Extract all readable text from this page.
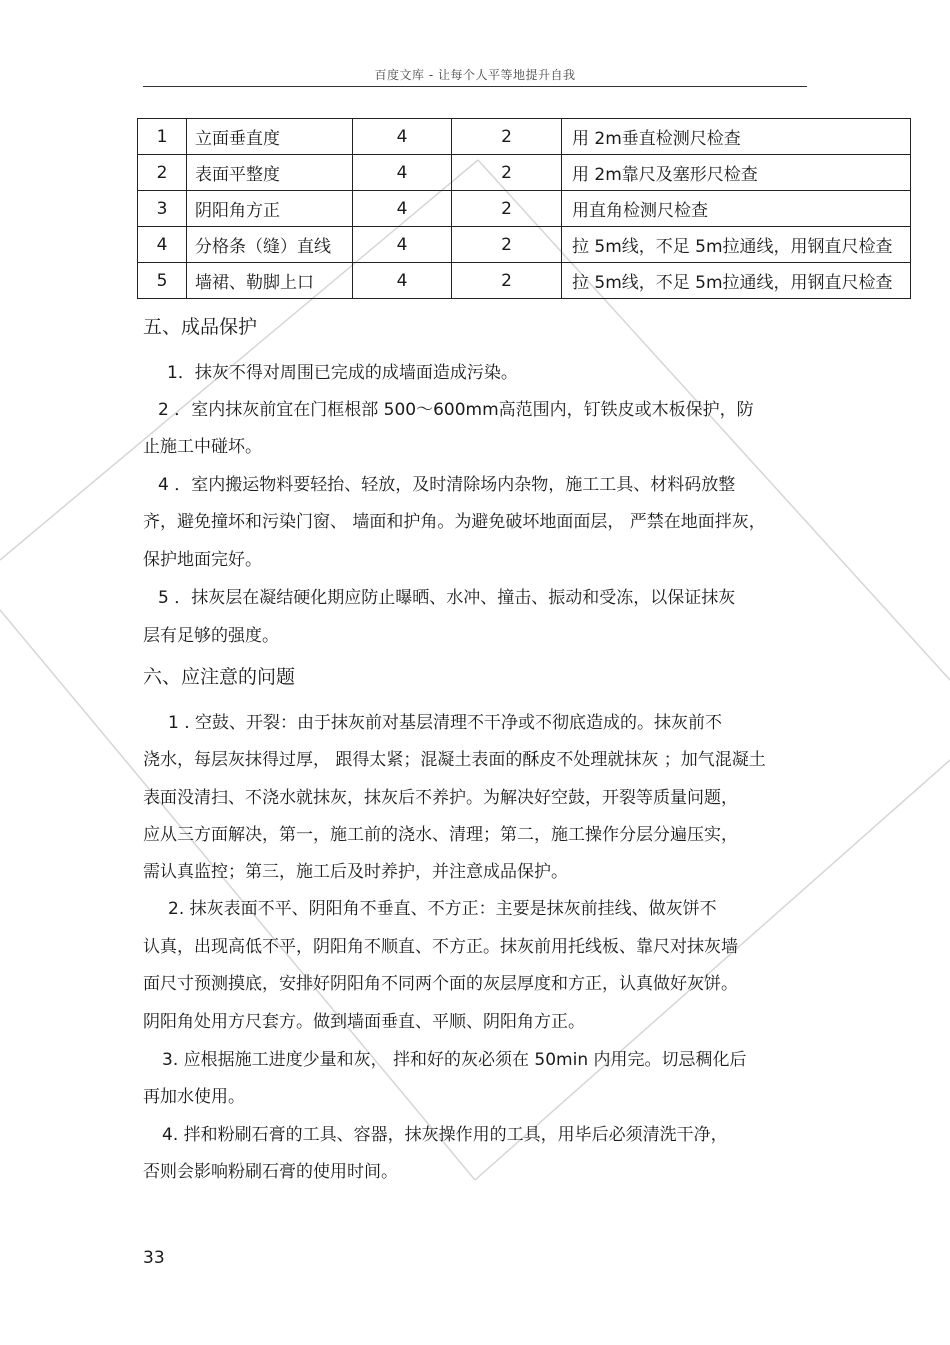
百度文库 - 让每个人平等地提升自我
1	立面垂直度	4	2	用 2m垂直检测尺检查
2	表面平整度	4	2	用 2m靠尺及塞形尺检查
3	阴阳角方正	4	2	用直角检测尺检查
4	分格条（缝）直线	4	2	拉 5m线，不足 5m拉通线，用钢直尺检查
5	墙裙、勒脚上口	4	2	拉 5m线，不足 5m拉通线，用钢直尺检查
五、成品保护
1．抹灰不得对周围已完成的成墙面造成污染。
2 ．室内抹灰前宜在门框根部 500～600mm高范围内，钉铁皮或木板保护，防
止施工中碰坏。
4 ．室内搬运物料要轻抬、轻放，及时清除场内杂物，施工工具、材料码放整
齐，避免撞坏和污染门窗、 墙面和护角。为避免破坏地面面层， 严禁在地面拌灰，
保护地面完好。
5 ．抹灰层在凝结硬化期应防止曝晒、水冲、撞击、振动和受冻，以保证抹灰
层有足够的强度。
六、应注意的问题
1 . 空鼓、开裂：由于抹灰前对基层清理不干净或不彻底造成的。抹灰前不
浇水，每层灰抹得过厚， 跟得太紧；混凝土表面的酥皮不处理就抹灰 ；加气混凝土
表面没清扫、不浇水就抹灰，抹灰后不养护。为解决好空鼓，开裂等质量问题，
应从三方面解决，第一，施工前的浇水、清理；第二，施工操作分层分遍压实，
需认真监控；第三，施工后及时养护，并注意成品保护。
2. 抹灰表面不平、阴阳角不垂直、不方正：主要是抹灰前挂线、做灰饼不
认真，出现高低不平，阴阳角不顺直、不方正。抹灰前用托线板、靠尺对抹灰墙
面尺寸预测摸底，安排好阴阳角不同两个面的灰层厚度和方正，认真做好灰饼。
阴阳角处用方尺套方。做到墙面垂直、平顺、阴阳角方正。
3. 应根据施工进度少量和灰， 拌和好的灰必须在 50min 内用完。切忌稠化后
再加水使用。
4. 拌和粉刷石膏的工具、容器，抹灰操作用的工具，用毕后必须清洗干净，
否则会影响粉刷石膏的使用时间。
33
